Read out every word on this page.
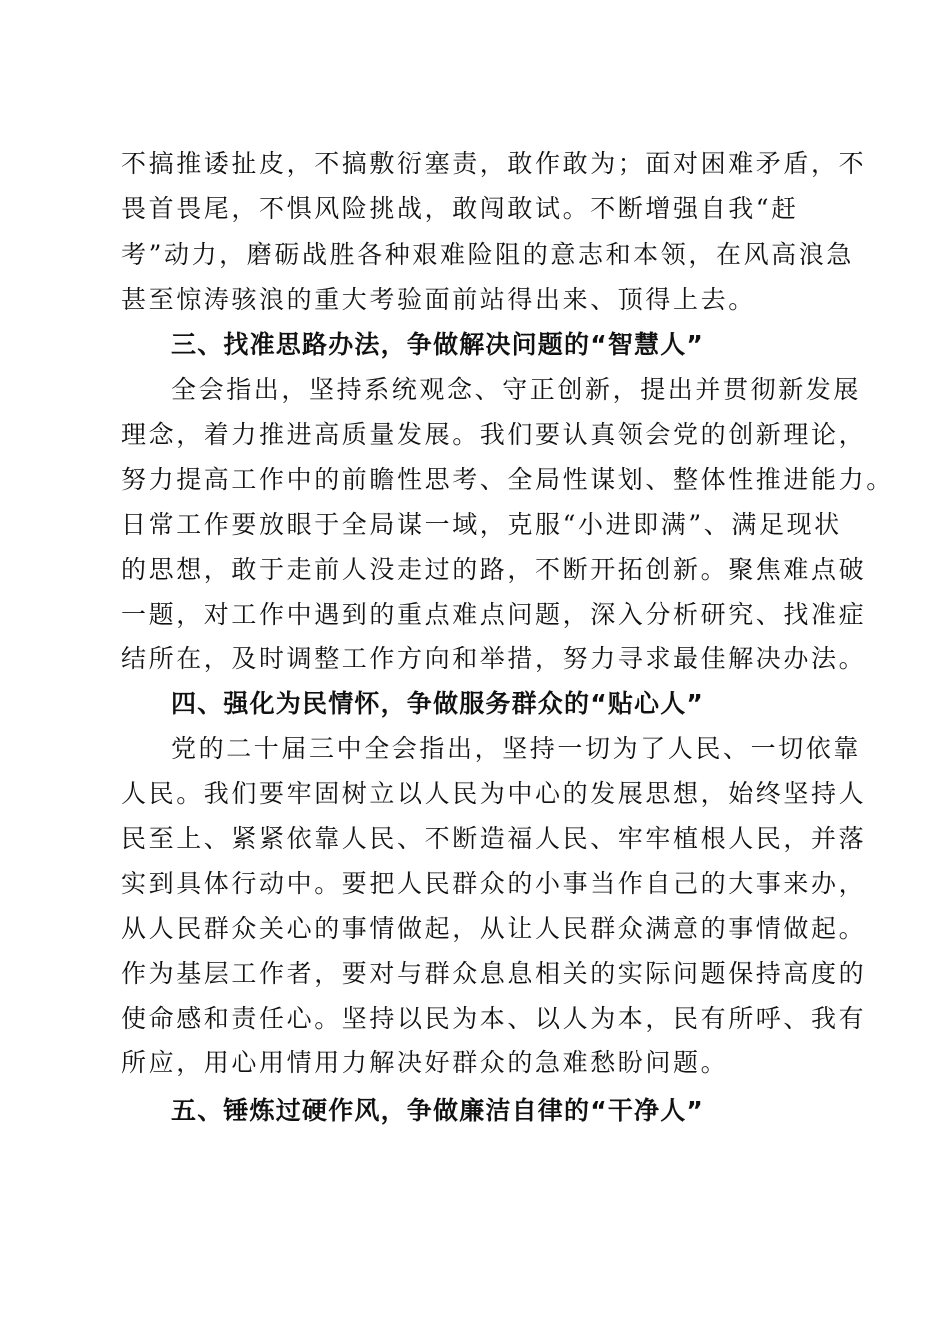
不搞推诿扯皮，不搞敷衍塞责，敢作敢为；面对困难矛盾，不
畏首畏尾，不惧风险挑战，敢闯敢试。不断增强自我“赶
考”动力，磨砺战胜各种艰难险阻的意志和本领，在风高浪急
甚至惊涛骇浪的重大考验面前站得出来、顶得上去。
三、找准思路办法，争做解决问题的“智慧人”
全会指出，坚持系统观念、守正创新，提出并贯彻新发展
理念，着力推进高质量发展。我们要认真领会党的创新理论，
努力提高工作中的前瞻性思考、全局性谋划、整体性推进能力。
日常工作要放眼于全局谋一域，克服“小进即满”、满足现状
的思想，敢于走前人没走过的路，不断开拓创新。聚焦难点破
一题，对工作中遇到的重点难点问题，深入分析研究、找准症
结所在，及时调整工作方向和举措，努力寻求最佳解决办法。
四、强化为民情怀，争做服务群众的“贴心人”
党的二十届三中全会指出，坚持一切为了人民、一切依靠
人民。我们要牢固树立以人民为中心的发展思想，始终坚持人
民至上、紧紧依靠人民、不断造福人民、牢牢植根人民，并落
实到具体行动中。要把人民群众的小事当作自己的大事来办，
从人民群众关心的事情做起，从让人民群众满意的事情做起。
作为基层工作者，要对与群众息息相关的实际问题保持高度的
使命感和责任心。坚持以民为本、以人为本，民有所呼、我有
所应，用心用情用力解决好群众的急难愁盼问题。
五、锤炼过硬作风，争做廉洁自律的“干净人”
